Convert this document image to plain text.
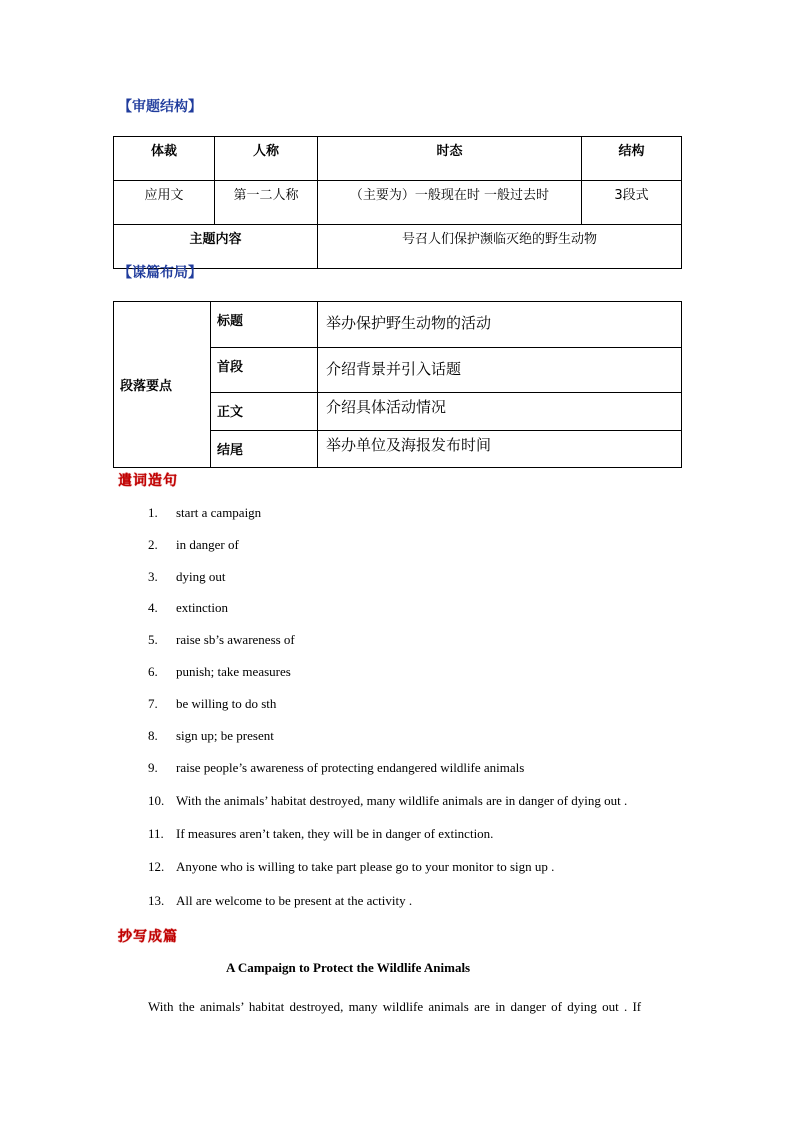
【审题结构】
体裁	人称	时态	结构
应用文	第一二人称	（主要为）一般现在时 一般过去时	3段式
主题内容		号召人们保护濒临灭绝的野生动物	
【谋篇布局】
段落要点	标题	举办保护野生动物的活动
	首段	介绍背景并引入话题
	正文	介绍具体活动情况
	结尾	举办单位及海报发布时间
遣词造句
1. start a campaign
2. in danger of
3. dying out
4. extinction
5. raise sb’s awareness of
6. punish; take measures
7. be willing to do sth
8. sign up; be present
9. raise people’s awareness of protecting endangered wildlife animals
10. With the animals’ habitat destroyed, many wildlife animals are in danger of dying out .
11. If measures aren’t taken, they will be in danger of extinction.
12. Anyone who is willing to take part please go to your monitor to sign up .
13. All are welcome to be present at the activity .
抄写成篇
A Campaign to Protect the Wildlife Animals
With the animals’ habitat destroyed, many wildlife animals are in danger of dying out . If
